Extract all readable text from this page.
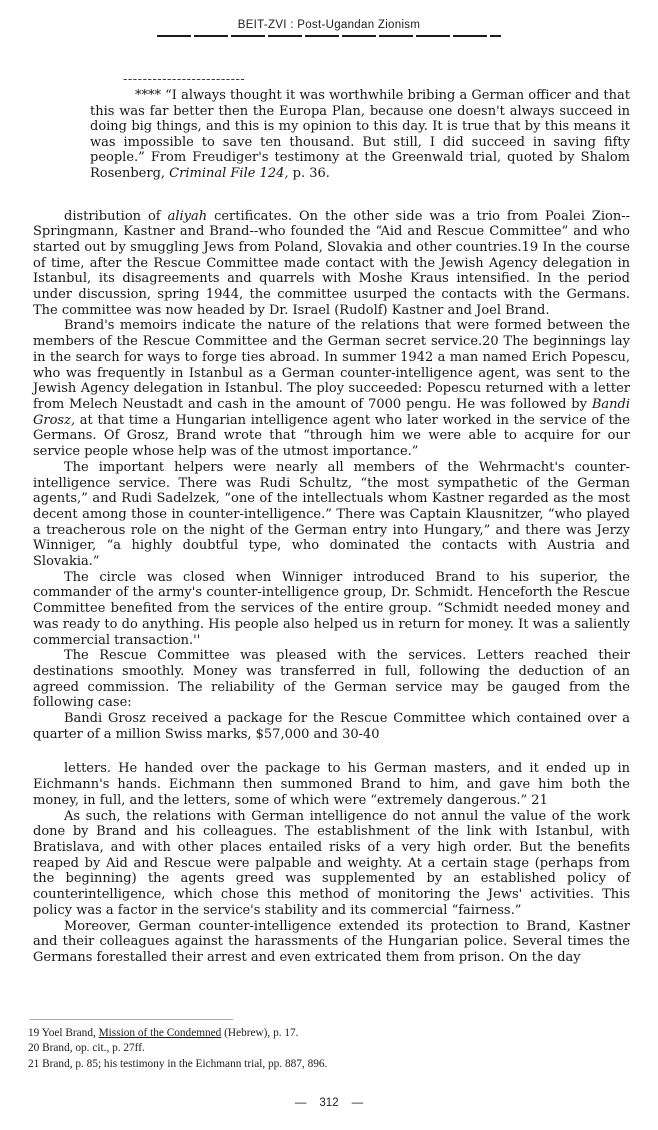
BEIT-ZVI : Post-Ugandan Zionism
-------------------------

**** “I always thought it was worthwhile bribing a German officer and that this was far better then the Europa Plan, because one doesn't always succeed in doing big things, and this is my opinion to this day. It is true that by this means it was impossible to save ten thousand. But still, I did succeed in saving fifty people.” From Freudiger's testimony at the Greenwald trial, quoted by Shalom Rosenberg, Criminal File 124, p. 36.

distribution of aliyah certificates. On the other side was a trio from Poalei Zion--Springmann, Kastner and Brand--who founded the “Aid and Rescue Committee” and who started out by smuggling Jews from Poland, Slovakia and other countries.19 In the course of time, after the Rescue Committee made contact with the Jewish Agency delegation in Istanbul, its disagreements and quarrels with Moshe Kraus intensified. In the period under discussion, spring 1944, the committee usurped the contacts with the Germans. The committee was now headed by Dr. Israel (Rudolf) Kastner and Joel Brand.

Brand's memoirs indicate the nature of the relations that were formed between the members of the Rescue Committee and the German secret service.20 The beginnings lay in the search for ways to forge ties abroad. In summer 1942 a man named Erich Popescu, who was frequently in Istanbul as a German counter-intelligence agent, was sent to the Jewish Agency delegation in Istanbul. The ploy succeeded: Popescu returned with a letter from Melech Neustadt and cash in the amount of 7000 pengu. He was followed by Bandi Grosz, at that time a Hungarian intelligence agent who later worked in the service of the Germans. Of Grosz, Brand wrote that “through him we were able to acquire for our service people whose help was of the utmost importance.”

The important helpers were nearly all members of the Wehrmacht's counter-intelligence service. There was Rudi Schultz, “the most sympathetic of the German agents,” and Rudi Sadelzek, “one of the intellectuals whom Kastner regarded as the most decent among those in counter-intelligence.” There was Captain Klausnitzer, “who played a treacherous role on the night of the German entry into Hungary,” and there was Jerzy Winniger, “a highly doubtful type, who dominated the contacts with Austria and Slovakia.”

The circle was closed when Winniger introduced Brand to his superior, the commander of the army's counter-intelligence group, Dr. Schmidt. Henceforth the Rescue Committee benefited from the services of the entire group. “Schmidt needed money and was ready to do anything. His people also helped us in return for money. It was a saliently commercial transaction.''

The Rescue Committee was pleased with the services. Letters reached their destinations smoothly. Money was transferred in full, following the deduction of an agreed commission. The reliability of the German service may be gauged from the following case:

Bandi Grosz received a package for the Rescue Committee which contained over a quarter of a million Swiss marks, $57,000 and 30-40

letters. He handed over the package to his German masters, and it ended up in Eichmann's hands. Eichmann then summoned Brand to him, and gave him both the money, in full, and the letters, some of which were “extremely dangerous.” 21

As such, the relations with German intelligence do not annul the value of the work done by Brand and his colleagues. The establishment of the link with Istanbul, with Bratislava, and with other places entailed risks of a very high order. But the benefits reaped by Aid and Rescue were palpable and weighty. At a certain stage (perhaps from the beginning) the agents greed was supplemented by an established policy of counterintelligence, which chose this method of monitoring the Jews' activities. This policy was a factor in the service's stability and its commercial “fairness.”

Moreover, German counter-intelligence extended its protection to Brand, Kastner and their colleagues against the harassments of the Hungarian police. Several times the Germans forestalled their arrest and even extricated them from prison. On the day

19 Yoel Brand, Mission of the Condemned (Hebrew), p. 17.

20 Brand, op. cit., p. 27ff.

21 Brand, p. 85; his testimony in the Eichmann trial, pp. 887, 896.

— 312 —
